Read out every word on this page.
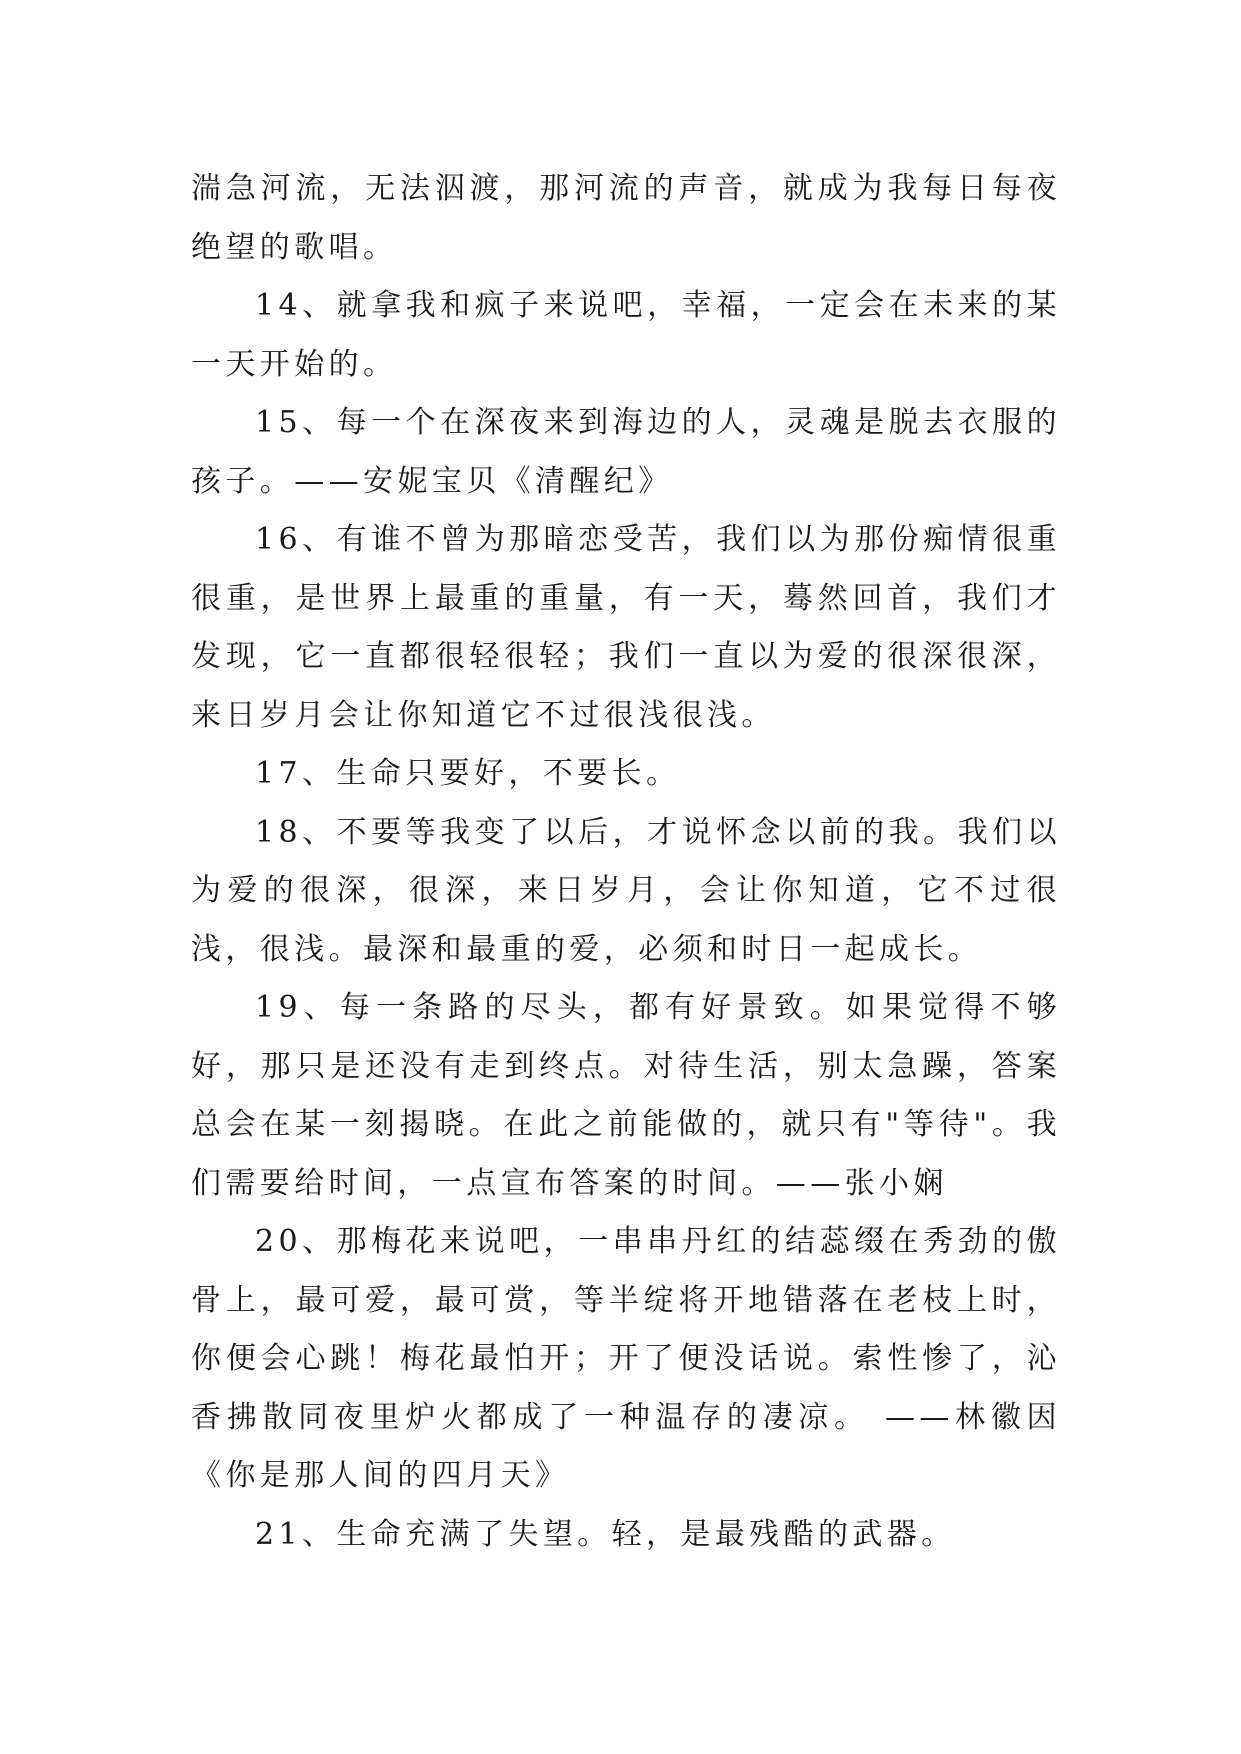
湍急河流，无法泅渡，那河流的声音，就成为我每日每夜绝望的歌唱。

14、就拿我和疯子来说吧，幸福，一定会在未来的某一天开始的。

15、每一个在深夜来到海边的人，灵魂是脱去衣服的孩子。——安妮宝贝《清醒纪》

16、有谁不曾为那暗恋受苦，我们以为那份痴情很重很重，是世界上最重的重量，有一天，蓦然回首，我们才发现，它一直都很轻很轻；我们一直以为爱的很深很深，来日岁月会让你知道它不过很浅很浅。

17、生命只要好，不要长。

18、不要等我变了以后，才说怀念以前的我。我们以为爱的很深，很深，来日岁月，会让你知道，它不过很浅，很浅。最深和最重的爱，必须和时日一起成长。

19、每一条路的尽头，都有好景致。如果觉得不够好，那只是还没有走到终点。对待生活，别太急躁，答案总会在某一刻揭晓。在此之前能做的，就只有"等待"。我们需要给时间，一点宣布答案的时间。——张小娴

20、那梅花来说吧，一串串丹红的结蕊缀在秀劲的傲骨上，最可爱，最可赏，等半绽将开地错落在老枝上时，你便会心跳！梅花最怕开；开了便没话说。索性惨了，沁香拂散同夜里炉火都成了一种温存的凄凉。 ——林徽因《你是那人间的四月天》

21、生命充满了失望。轻，是最残酷的武器。
